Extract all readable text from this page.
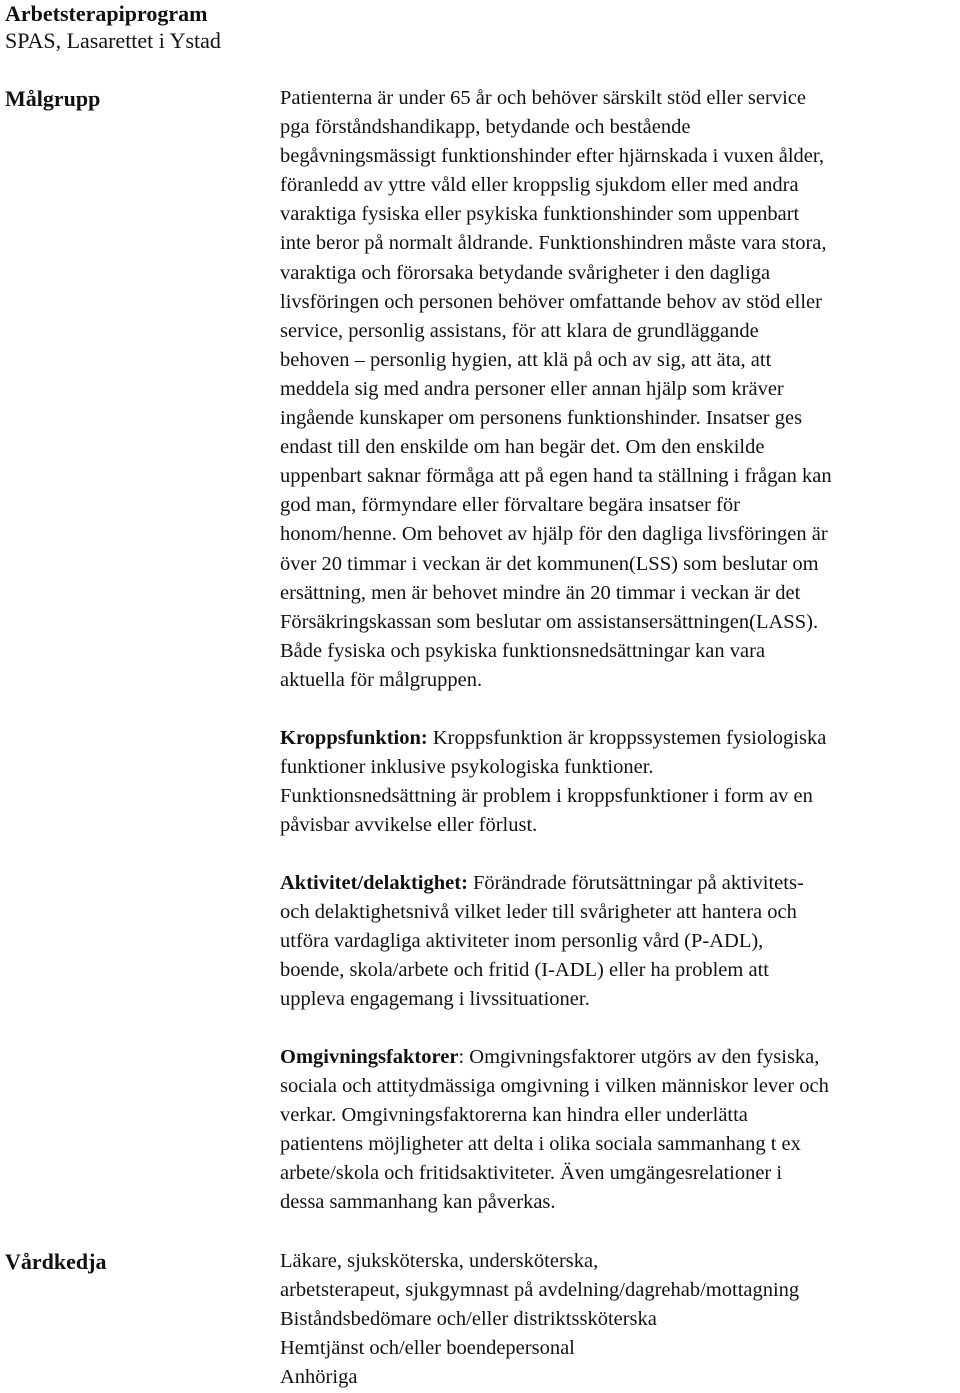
Arbetsterapiprogram
SPAS, Lasarettet i Ystad
Målgrupp	Patienterna är under 65 år och behöver särskilt stöd eller service
pga förståndshandikapp, betydande och bestående
begåvningsmässigt funktionshinder efter hjärnskada i vuxen ålder,
föranledd av yttre våld eller kroppslig sjukdom eller med andra
varaktiga fysiska eller psykiska funktionshinder som uppenbart
inte beror på normalt åldrande. Funktionshindren måste vara stora,
varaktiga och förorsaka betydande svårigheter i den dagliga
livsföringen och personen behöver omfattande behov av stöd eller
service, personlig assistans, för att klara de grundläggande
behoven – personlig hygien, att klä på och av sig, att äta, att
meddela sig med andra personer eller annan hjälp som kräver
ingående kunskaper om personens funktionshinder. Insatser ges
endast till den enskilde om han begär det. Om den enskilde
uppenbart saknar förmåga att på egen hand ta ställning i frågan kan
god man, förmyndare eller förvaltare begära insatser för
honom/henne. Om behovet av hjälp för den dagliga livsföringen är
över 20 timmar i veckan är det kommunen(LSS) som beslutar om
ersättning, men är behovet mindre än 20 timmar i veckan är det
Försäkringskassan som beslutar om assistansersättningen(LASS).
Både fysiska och psykiska funktionsnedsättningar kan vara
aktuella för målgruppen.
Kroppsfunktion: Kroppsfunktion är kroppssystemen fysiologiska
funktioner inklusive psykologiska funktioner.
Funktionsnedsättning är problem i kroppsfunktioner i form av en
påvisbar avvikelse eller förlust.
Aktivitet/delaktighet: Förändrade förutsättningar på aktivitets-
och delaktighetsnivå vilket leder till svårigheter att hantera och
utföra vardagliga aktiviteter inom personlig vård (P-ADL),
boende, skola/arbete och fritid (I-ADL) eller ha problem att
uppleva engagemang i livssituationer.
Omgivningsfaktorer: Omgivningsfaktorer utgörs av den fysiska,
sociala och attitydmässiga omgivning i vilken människor lever och
verkar. Omgivningsfaktorerna kan hindra eller underlätta
patientens möjligheter att delta i olika sociala sammanhang t ex
arbete/skola och fritidsaktiviteter. Även umgängesrelationer i
dessa sammanhang kan påverkas.
Vårdkedja	Läkare, sjuksköterska, undersköterska,
arbetsterapeut, sjukgymnast på avdelning/dagrehab/mottagning
Biståndsbedömare och/eller distriktssköterska
Hemtjänst och/eller boendepersonal
Anhöriga
